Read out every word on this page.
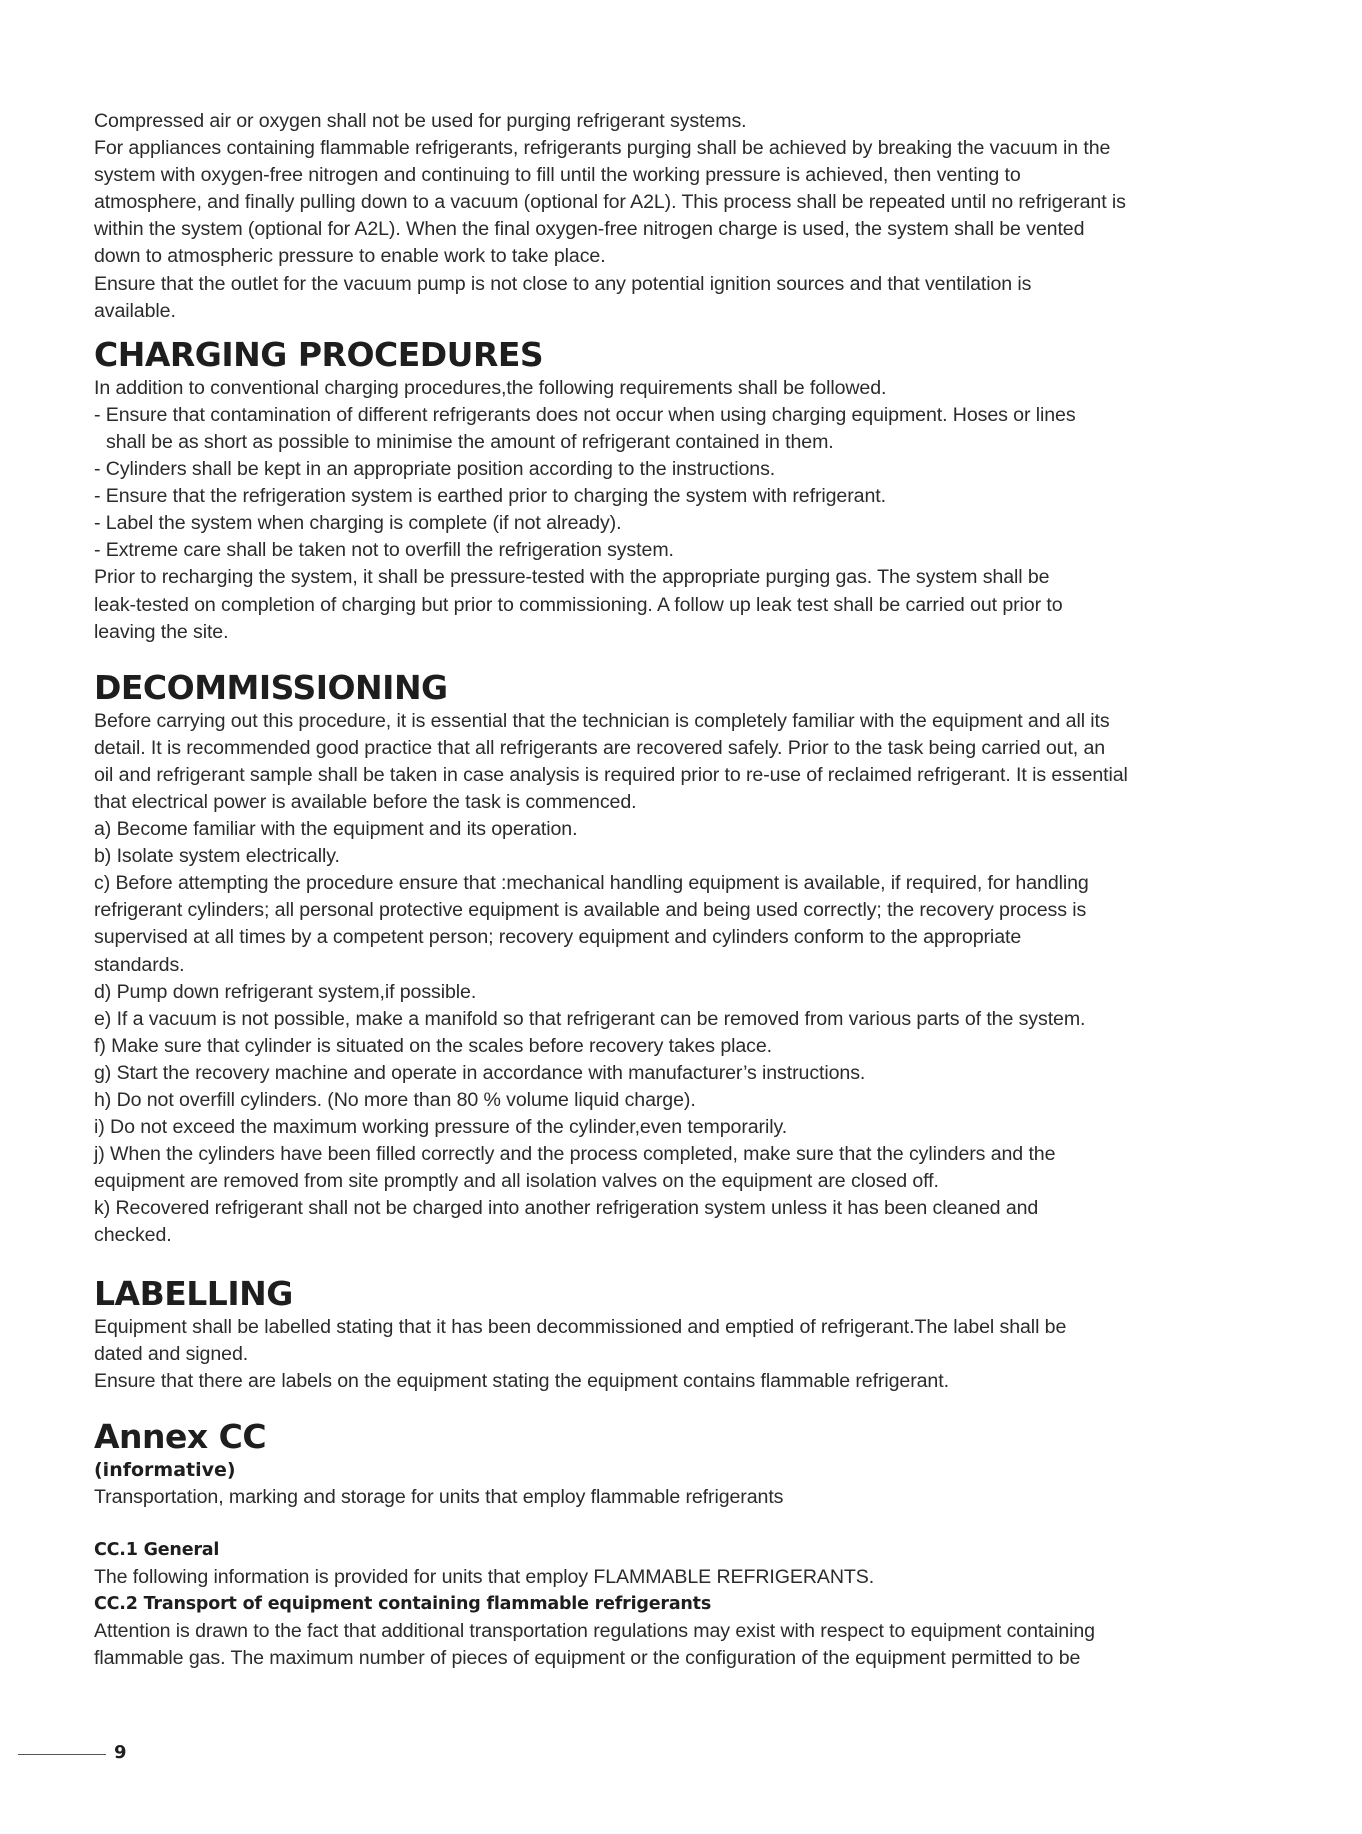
Compressed air or oxygen shall not be used for purging refrigerant systems.

For appliances containing flammable refrigerants, refrigerants purging shall be achieved by breaking the vacuum in the

system with oxygen-free nitrogen and continuing to fill until the working pressure is achieved, then venting to

atmosphere, and finally pulling down to a vacuum (optional for A2L). This process shall be repeated until no refrigerant is

within the system (optional for A2L). When the final oxygen-free nitrogen charge is used, the system shall be vented

down to atmospheric pressure to enable work to take place.

Ensure that the outlet for the vacuum pump is not close to any potential ignition sources and that ventilation is

available.

CHARGING PROCEDURES

In addition to conventional charging procedures,the following requirements shall be followed.

- Ensure that contamination of different refrigerants does not occur when using charging equipment. Hoses or lines

shall be as short as possible to minimise the amount of refrigerant contained in them.

- Cylinders shall be kept in an appropriate position according to the instructions.

- Ensure that the refrigeration system is earthed prior to charging the system with refrigerant.

- Label the system when charging is complete (if not already).

- Extreme care shall be taken not to overfill the refrigeration system.

Prior to recharging the system, it shall be pressure-tested with the appropriate purging gas. The system shall be

leak-tested on completion of charging but prior to commissioning. A follow up leak test shall be carried out prior to

leaving the site.

DECOMMISSIONING

Before carrying out this procedure, it is essential that the technician is completely familiar with the equipment and all its

detail. It is recommended good practice that all refrigerants are recovered safely. Prior to the task being carried out, an

oil and refrigerant sample shall be taken in case analysis is required prior to re-use of reclaimed refrigerant. It is essential

that electrical power is available before the task is commenced.

a) Become familiar with the equipment and its operation.

b) Isolate system electrically.

c) Before attempting the procedure ensure that :mechanical handling equipment is available, if required, for handling

refrigerant cylinders; all personal protective equipment is available and being used correctly; the recovery process is

supervised at all times by a competent person; recovery equipment and cylinders conform to the appropriate

standards.

d) Pump down refrigerant system,if possible.

e) If a vacuum is not possible, make a manifold so that refrigerant can be removed from various parts of the system.

f) Make sure that cylinder is situated on the scales before recovery takes place.

g) Start the recovery machine and operate in accordance with manufacturer’s instructions.

h) Do not overfill cylinders. (No more than 80 % volume liquid charge).

i) Do not exceed the maximum working pressure of the cylinder,even temporarily.

j) When the cylinders have been filled correctly and the process completed, make sure that the cylinders and the

equipment are removed from site promptly and all isolation valves on the equipment are closed off.

k) Recovered refrigerant shall not be charged into another refrigeration system unless it has been cleaned and

checked.

LABELLING

Equipment shall be labelled stating that it has been decommissioned and emptied of refrigerant.The label shall be

dated and signed.

Ensure that there are labels on the equipment stating the equipment contains flammable refrigerant.

Annex CC
(informative)

Transportation, marking and storage for units that employ flammable refrigerants

CC.1 General

The following information is provided for units that employ FLAMMABLE REFRIGERANTS.

CC.2 Transport of equipment containing flammable refrigerants

Attention is drawn to the fact that additional transportation regulations may exist with respect to equipment containing

flammable gas. The maximum number of pieces of equipment or the configuration of the equipment permitted to be

9
